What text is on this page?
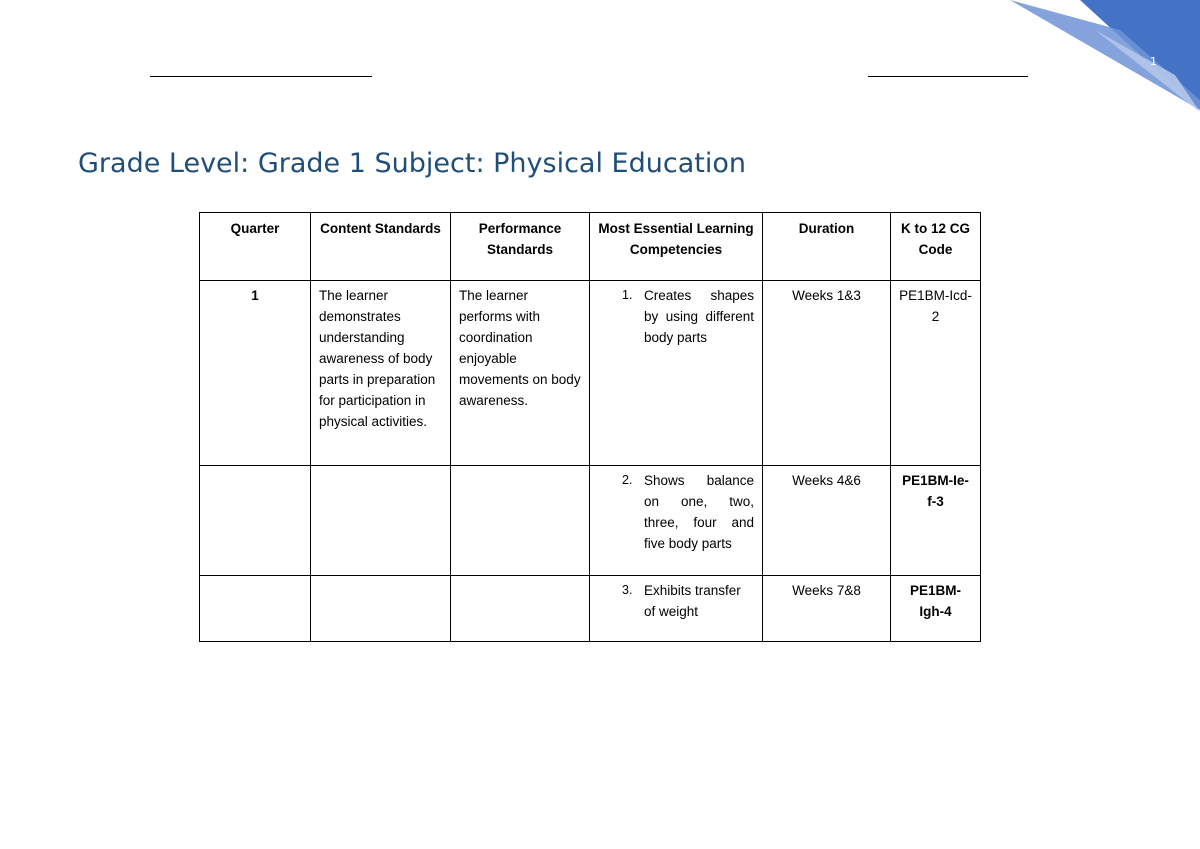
1
Grade Level: Grade 1 Subject: Physical Education
Quarter	Content Standards	Performance Standards	Most Essential Learning Competencies	Duration	K to 12 CG Code
1	The learner demonstrates understanding awareness of body parts in preparation for participation in physical activities.	The learner performs with coordination enjoyable movements on body awareness.	1. Creates shapes by using different body parts	Weeks 1&3	PE1BM-Icd-2

			2. Shows balance on one, two, three, four and five body parts	Weeks 4&6	PE1BM-Ie-f-3

			3. Exhibits transfer of weight	Weeks 7&8	PE1BM-Igh-4
